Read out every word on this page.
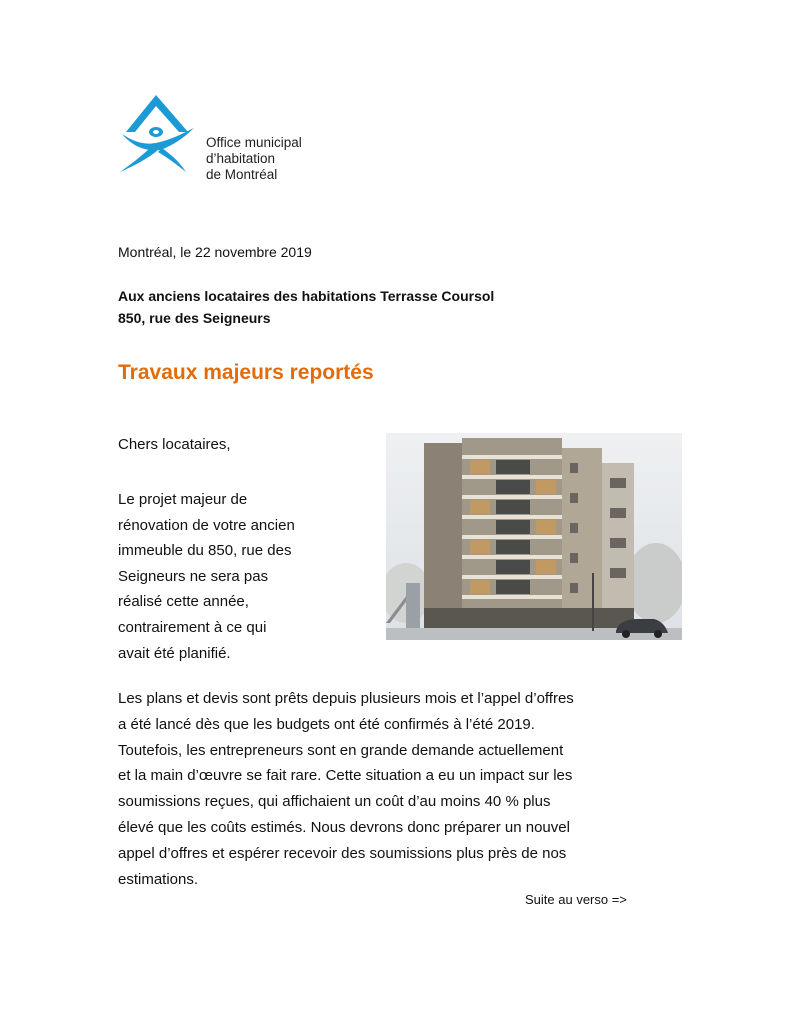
Office municipal
d’habitation
de Montréal
Montréal, le 22 novembre 2019
Aux anciens locataires des habitations Terrasse Coursol
850, rue des Seigneurs
Travaux majeurs reportés
Chers locataires,
Le projet majeur de
rénovation de votre ancien
immeuble du 850, rue des
Seigneurs ne sera pas
réalisé cette année,
contrairement à ce qui
avait été planifié.
Les plans et devis sont prêts depuis plusieurs mois et l’appel d’offres
a été lancé dès que les budgets ont été confirmés à l’été 2019.
Toutefois, les entrepreneurs sont en grande demande actuellement
et la main d’œuvre se fait rare. Cette situation a eu un impact sur les
soumissions reçues, qui affichaient un coût d’au moins 40 % plus
élevé que les coûts estimés. Nous devrons donc préparer un nouvel
appel d’offres et espérer recevoir des soumissions plus près de nos
estimations.
Suite au verso =>
